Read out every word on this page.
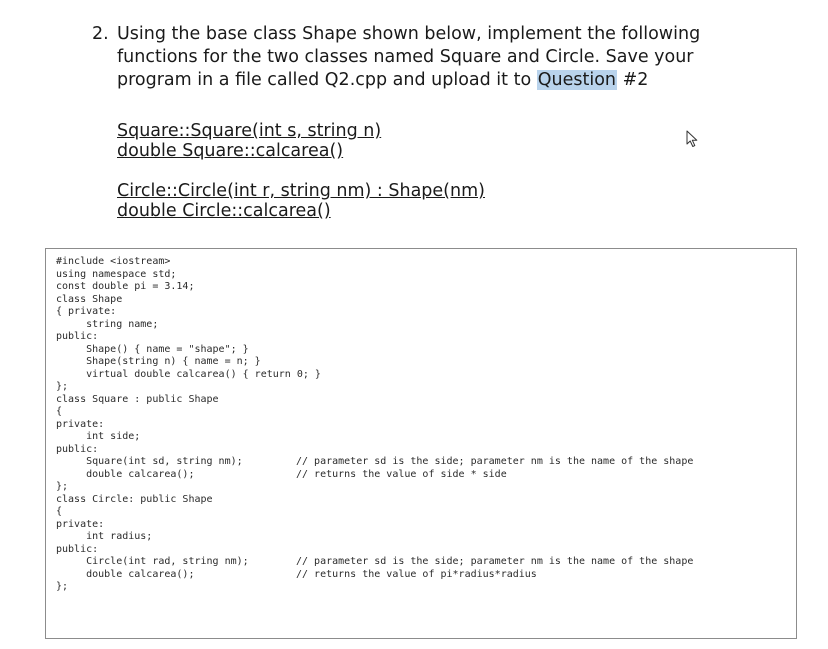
2. Using the base class Shape shown below, implement the following
functions for the two classes named Square and Circle. Save your
program in a file called Q2.cpp and upload it to Question #2
Square::Square(int s, string n)
double Square::calcarea()
Circle::Circle(int r, string nm) : Shape(nm)
double Circle::calcarea()
#include <iostream>
using namespace std;
const double pi = 3.14;
class Shape
{ private:
string name;
public:
Shape() { name = "shape"; }
Shape(string n) { name = n; }
virtual double calcarea() { return 0; }
};
class Square : public Shape
{
private:
int side;
public:
Square(int sd, string nm);	// parameter sd is the side; parameter nm is the name of the shape
double calcarea();	// returns the value of side * side
};
class Circle: public Shape
{
private:
int radius;
public:
Circle(int rad, string nm);	// parameter sd is the side; parameter nm is the name of the shape
double calcarea();	// returns the value of pi*radius*radius
};
